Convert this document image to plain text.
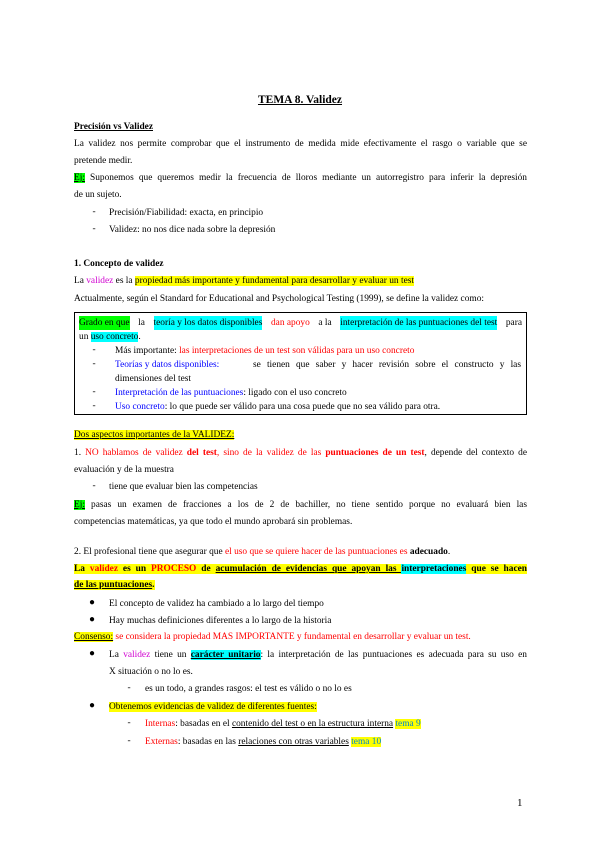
TEMA 8. Validez
Precisión vs Validez
La validez nos permite comprobar que el instrumento de medida mide efectivamente el rasgo o variable que se
pretende medir.
Ej: Suponemos que queremos medir la frecuencia de lloros mediante un autorregistro para inferir la depresión
de un sujeto.
-	Precisión/Fiabilidad: exacta, en principio
-	Validez: no nos dice nada sobre la depresión
1. Concepto de validez
La validez es la propiedad más importante y fundamental para desarrollar y evaluar un test
Actualmente, según el Standard for Educational and Psychological Testing (1999), se define la validez como:
Grado en que la teoría y los datos disponibles dan apoyo a la interpretación de las puntuaciones del test para
un uso concreto.
-	Más importante: las interpretaciones de un test son válidas para un uso concreto
-	Teorías y datos disponibles:	se tienen que saber y hacer revisión sobre el constructo y las
dimensiones del test
-	Interpretación de las puntuaciones: ligado con el uso concreto
-	Uso concreto: lo que puede ser válido para una cosa puede que no sea válido para otra.
Dos aspectos importantes de la VALIDEZ:
1. NO hablamos de validez del test, sino de la validez de las puntuaciones de un test, depende del contexto de
evaluación y de la muestra
-	tiene que evaluar bien las competencias
Ej: pasas un examen de fracciones a los de 2 de bachiller, no tiene sentido porque no evaluará bien las
competencias matemáticas, ya que todo el mundo aprobará sin problemas.
2. El profesional tiene que asegurar que el uso que se quiere hacer de las puntuaciones es adecuado.
La validez es un PROCESO de acumulación de evidencias que apoyan las interpretaciones que se hacen
de las puntuaciones.
● El concepto de validez ha cambiado a lo largo del tiempo
● Hay muchas definiciones diferentes a lo largo de la historia
Consenso: se considera la propiedad MAS IMPORTANTE y fundamental en desarrollar y evaluar un test.
● La validez tiene un carácter unitario: la interpretación de las puntuaciones es adecuada para su uso en
X situación o no lo es.
-	es un todo, a grandes rasgos: el test es válido o no lo es
● Obtenemos evidencias de validez de diferentes fuentes:
-	Internas: basadas en el contenido del test o en la estructura interna tema 9
-	Externas: basadas en las relaciones con otras variables tema 10
1
